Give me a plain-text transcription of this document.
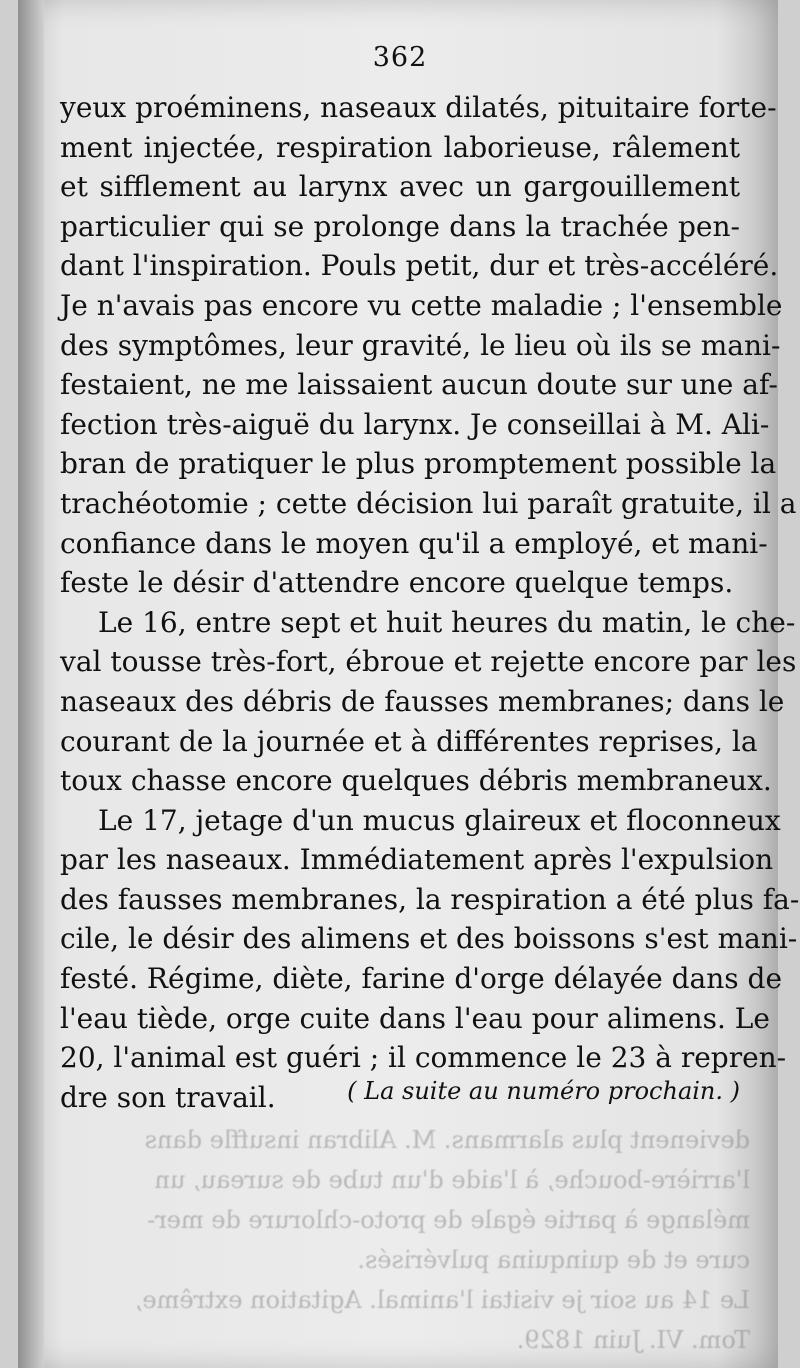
362
devienent plus alarmans. M. Alibran insuffle dans
l'arrière-bouche, à l'aide d'un tube de sureau, un
mélange à partie égale de proto-chlorure de mer-
cure et de quinquina pulvérisés.
Le 14 au soir je visitai l'animal. Agitation extrême,
Tom. VI. Juin 1829.
yeux proéminens, naseaux dilatés, pituitaire forte-
ment injectée, respiration laborieuse, râlement
et sifflement au larynx avec un gargouillement
particulier qui se prolonge dans la trachée pen-
dant l'inspiration. Pouls petit, dur et très-accéléré.
Je n'avais pas encore vu cette maladie ; l'ensemble
des symptômes, leur gravité, le lieu où ils se mani-
festaient, ne me laissaient aucun doute sur une af-
fection très-aiguë du larynx. Je conseillai à M. Ali-
bran de pratiquer le plus promptement possible la
trachéotomie ; cette décision lui paraît gratuite, il a
confiance dans le moyen qu'il a employé, et mani-
feste le désir d'attendre encore quelque temps.
Le 16, entre sept et huit heures du matin, le che-
val tousse très-fort, ébroue et rejette encore par les
naseaux des débris de fausses membranes; dans le
courant de la journée et à différentes reprises, la
toux chasse encore quelques débris membraneux.
Le 17, jetage d'un mucus glaireux et floconneux
par les naseaux. Immédiatement après l'expulsion
des fausses membranes, la respiration a été plus fa-
cile, le désir des alimens et des boissons s'est mani-
festé. Régime, diète, farine d'orge délayée dans de
l'eau tiède, orge cuite dans l'eau pour alimens. Le
20, l'animal est guéri ; il commence le 23 à repren-
dre son travail.	( La suite au numéro prochain. )
